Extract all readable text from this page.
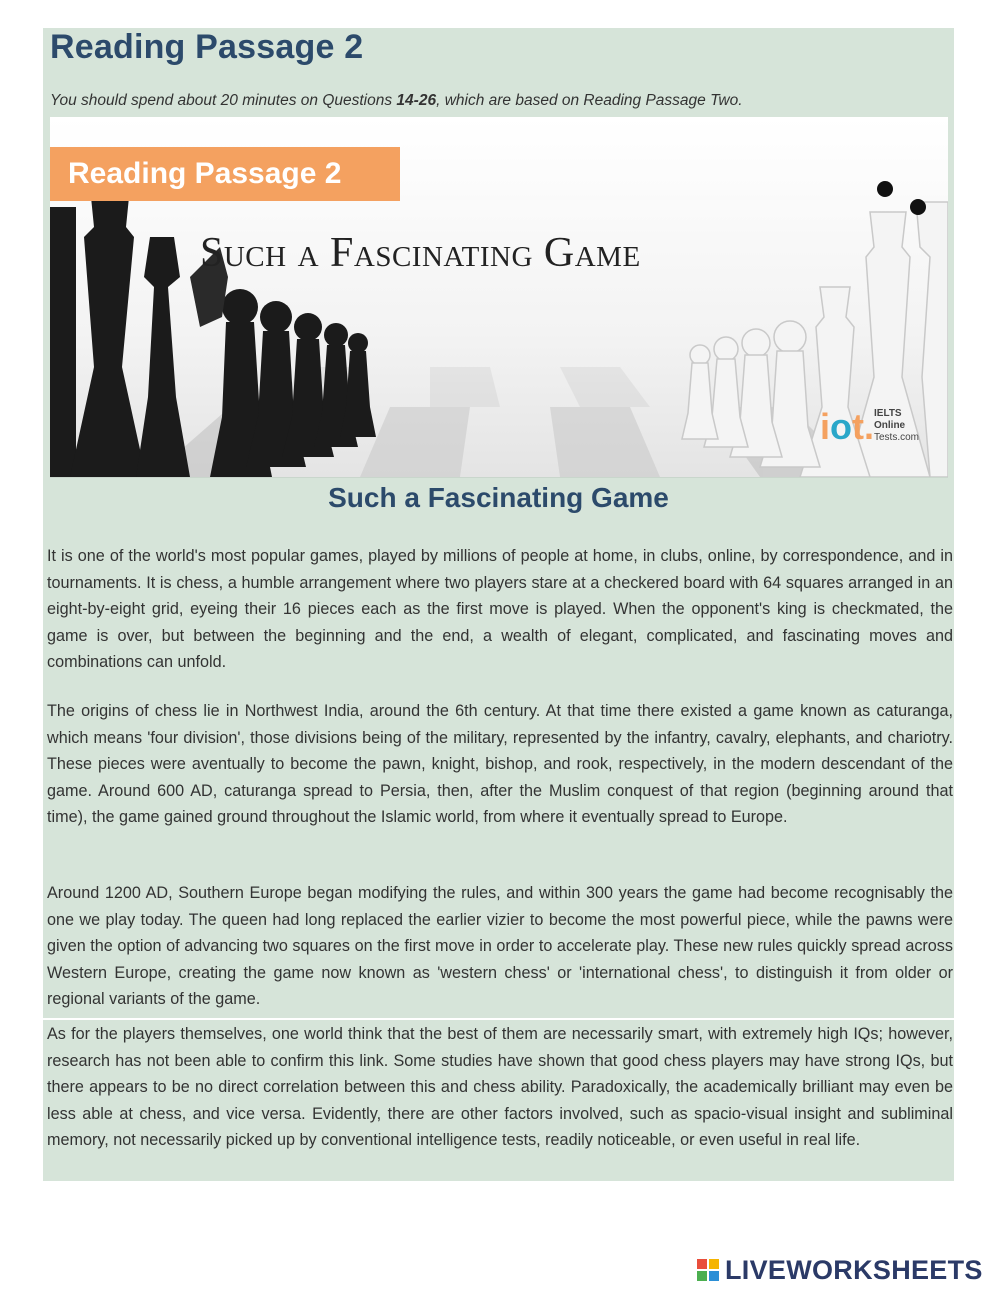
Reading Passage 2
You should spend about 20 minutes on Questions 14-26, which are based on Reading Passage Two.
Reading Passage 2
Such a Fascinating Game
iot. IELTS
Online
Tests.com
Such a Fascinating Game

It is one of the world's most popular games, played by millions of people at home, in clubs, online, by correspondence, and in tournaments. It is chess, a humble arrangement where two players stare at a checkered board with 64 squares arranged in an eight-by-eight grid, eyeing their 16 pieces each as the first move is played. When the opponent's king is checkmated, the game is over, but between the beginning and the end, a wealth of elegant, complicated, and fascinating moves and combinations can unfold.

The origins of chess lie in Northwest India, around the 6th century. At that time there existed a game known as caturanga, which means 'four division', those divisions being of the military, represented by the infantry, cavalry, elephants, and chariotry. These pieces were aventually to become the pawn, knight, bishop, and rook, respectively, in the modern descendant of the game. Around 600 AD, caturanga spread to Persia, then, after the Muslim conquest of that region (beginning around that time), the game gained ground throughout the Islamic world, from where it eventually spread to Europe.

Around 1200 AD, Southern Europe began modifying the rules, and within 300 years the game had become recognisably the one we play today. The queen had long replaced the earlier vizier to become the most powerful piece, while the pawns were given the option of advancing two squares on the first move in order to accelerate play. These new rules quickly spread across Western Europe, creating the game now known as 'western chess' or 'international chess', to distinguish it from older or regional variants of the game.

As for the players themselves, one world think that the best of them are necessarily smart, with extremely high IQs; however, research has not been able to confirm this link. Some studies have shown that good chess players may have strong IQs, but there appears to be no direct correlation between this and chess ability. Paradoxically, the academically brilliant may even be less able at chess, and vice versa. Evidently, there are other factors involved, such as spacio-visual insight and subliminal memory, not necessarily picked up by conventional intelligence tests, readily noticeable, or even useful in real life.

LIVEWORKSHEETS
